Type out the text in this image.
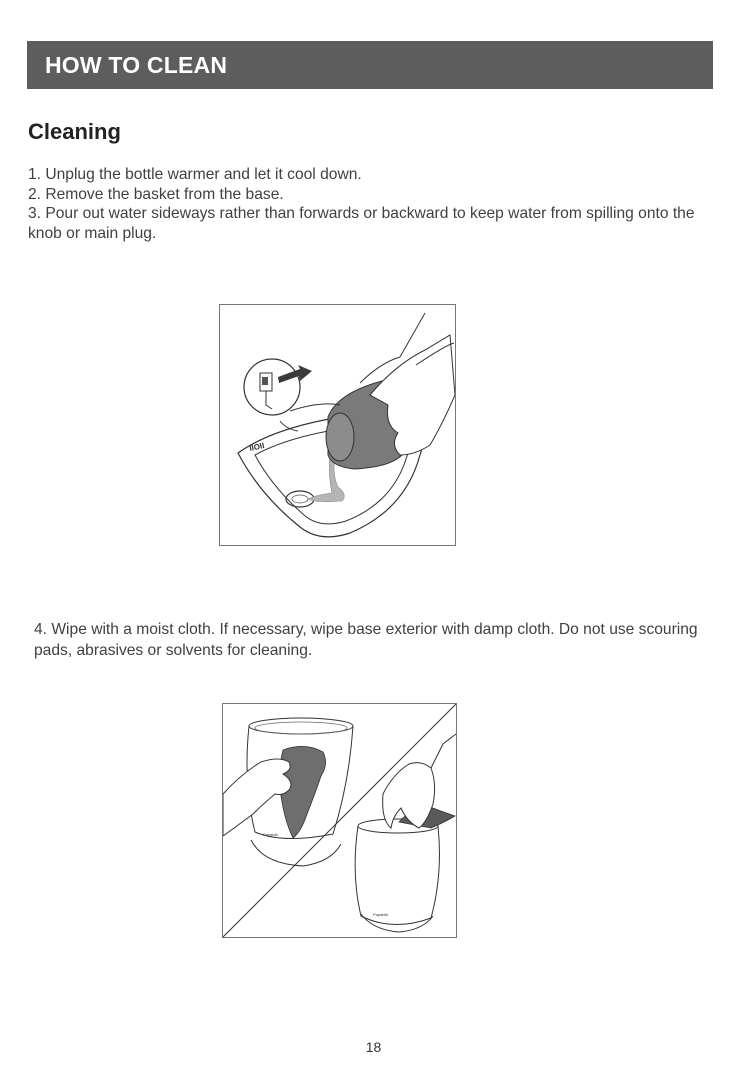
HOW TO CLEAN
Cleaning

1. Unplug the bottle warmer and let it cool down.

2. Remove the basket from the base.

3. Pour out water sideways rather than forwards or backward to keep water from spilling onto the knob or main plug.

IIOII

4. Wipe with a moist cloth. If necessary, wipe base exterior with damp cloth. Do not use scouring pads, abrasives or solvents for cleaning.

Papablic
Papablic
18
